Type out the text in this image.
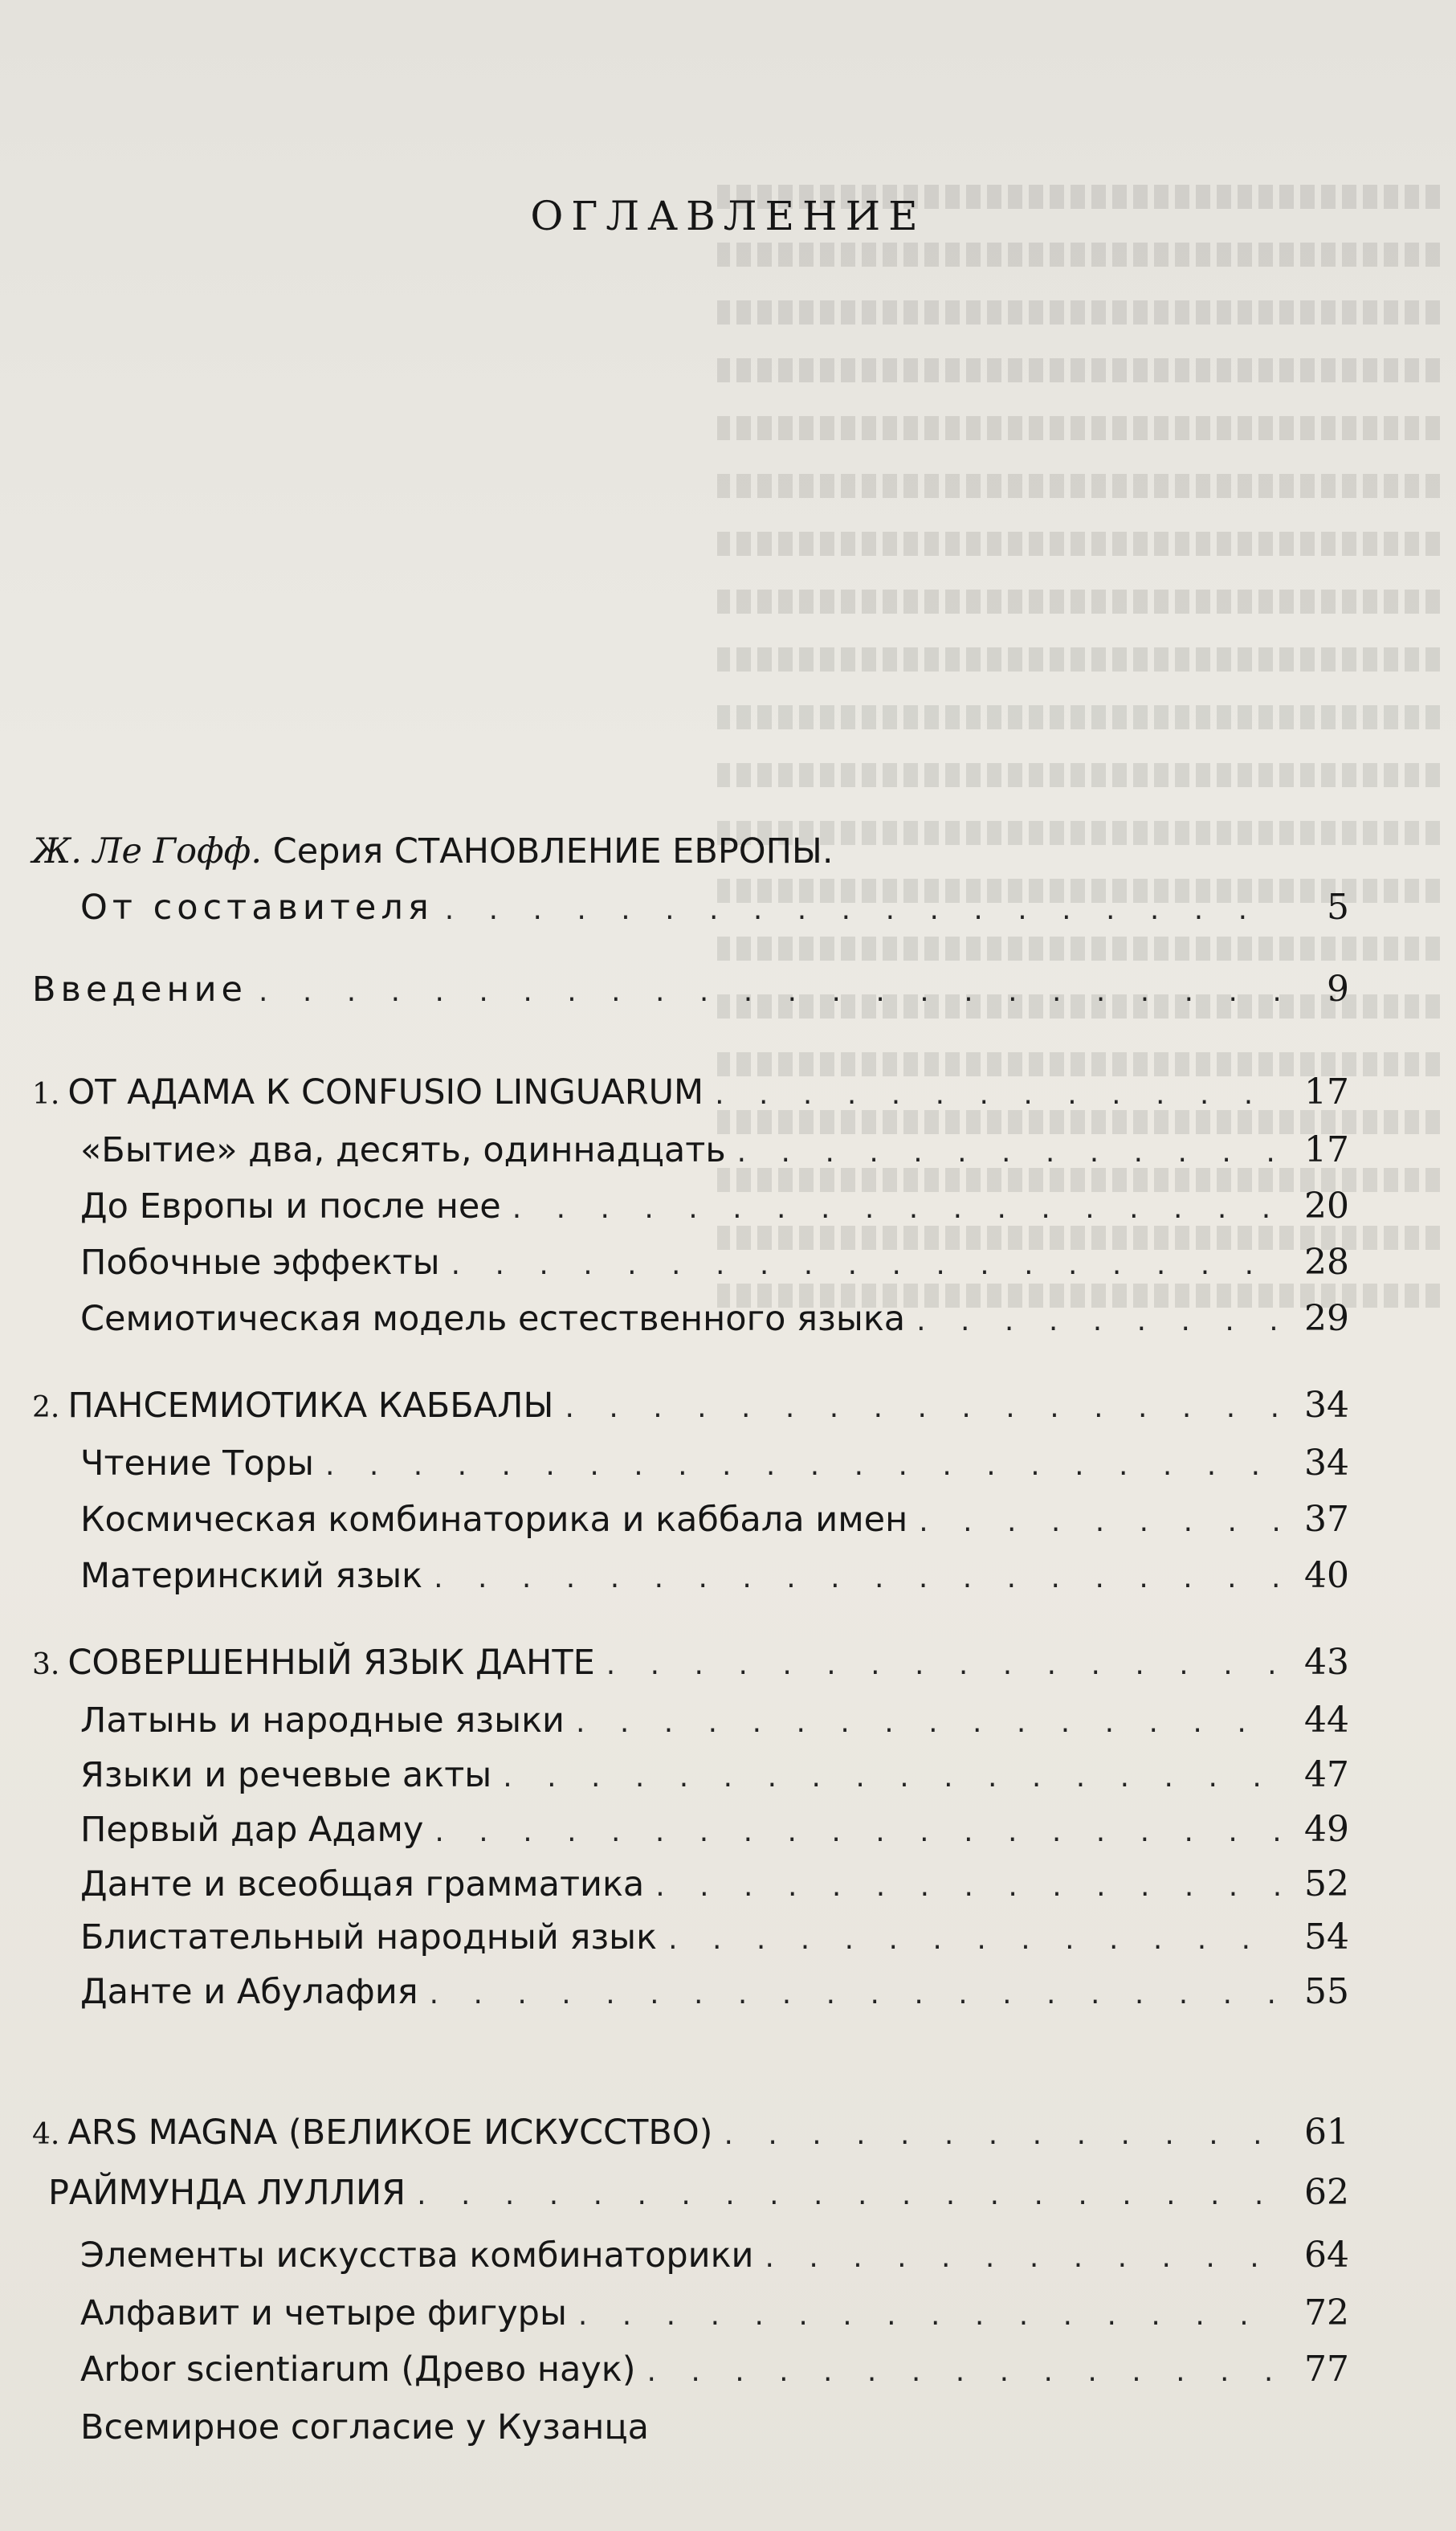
ОГЛАВЛЕНИЕ
Ж. Ле Гофф. Серия СТАНОВЛЕНИЕ ЕВРОПЫ.
От составителя . . .	5
Введение . . .	9
1. ОТ АДАМА К CONFUSIO LINGUARUM . . .	17
«Бытие» два, десять, одиннадцать . . .	17
До Европы и после нее . . .	20
Побочные эффекты . . .	28
Семиотическая модель естественного языка . . .	29
2. ПАНСЕМИОТИКА КАББАЛЫ . . .	34
Чтение Торы . . .	34
Космическая комбинаторика и каббала имен . . .	37
Материнский язык . . .	40
3. СОВЕРШЕННЫЙ ЯЗЫК ДАНТЕ . . .	43
Латынь и народные языки . . .	44
Языки и речевые акты . . .	47
Первый дар Адаму . . .	49
Данте и всеобщая грамматика . . .	52
Блистательный народный язык . . .	54
Данте и Абулафия . . .	55
4. ARS MAGNA (ВЕЛИКОЕ ИСКУССТВО) . . .	61
РАЙМУНДА ЛУЛЛИЯ . . .	62
Элементы искусства комбинаторики . . .	64
Алфавит и четыре фигуры . . .	72
Arbor scientiarum (Древо наук) . . .	77
Всемирное согласие у Кузанца
